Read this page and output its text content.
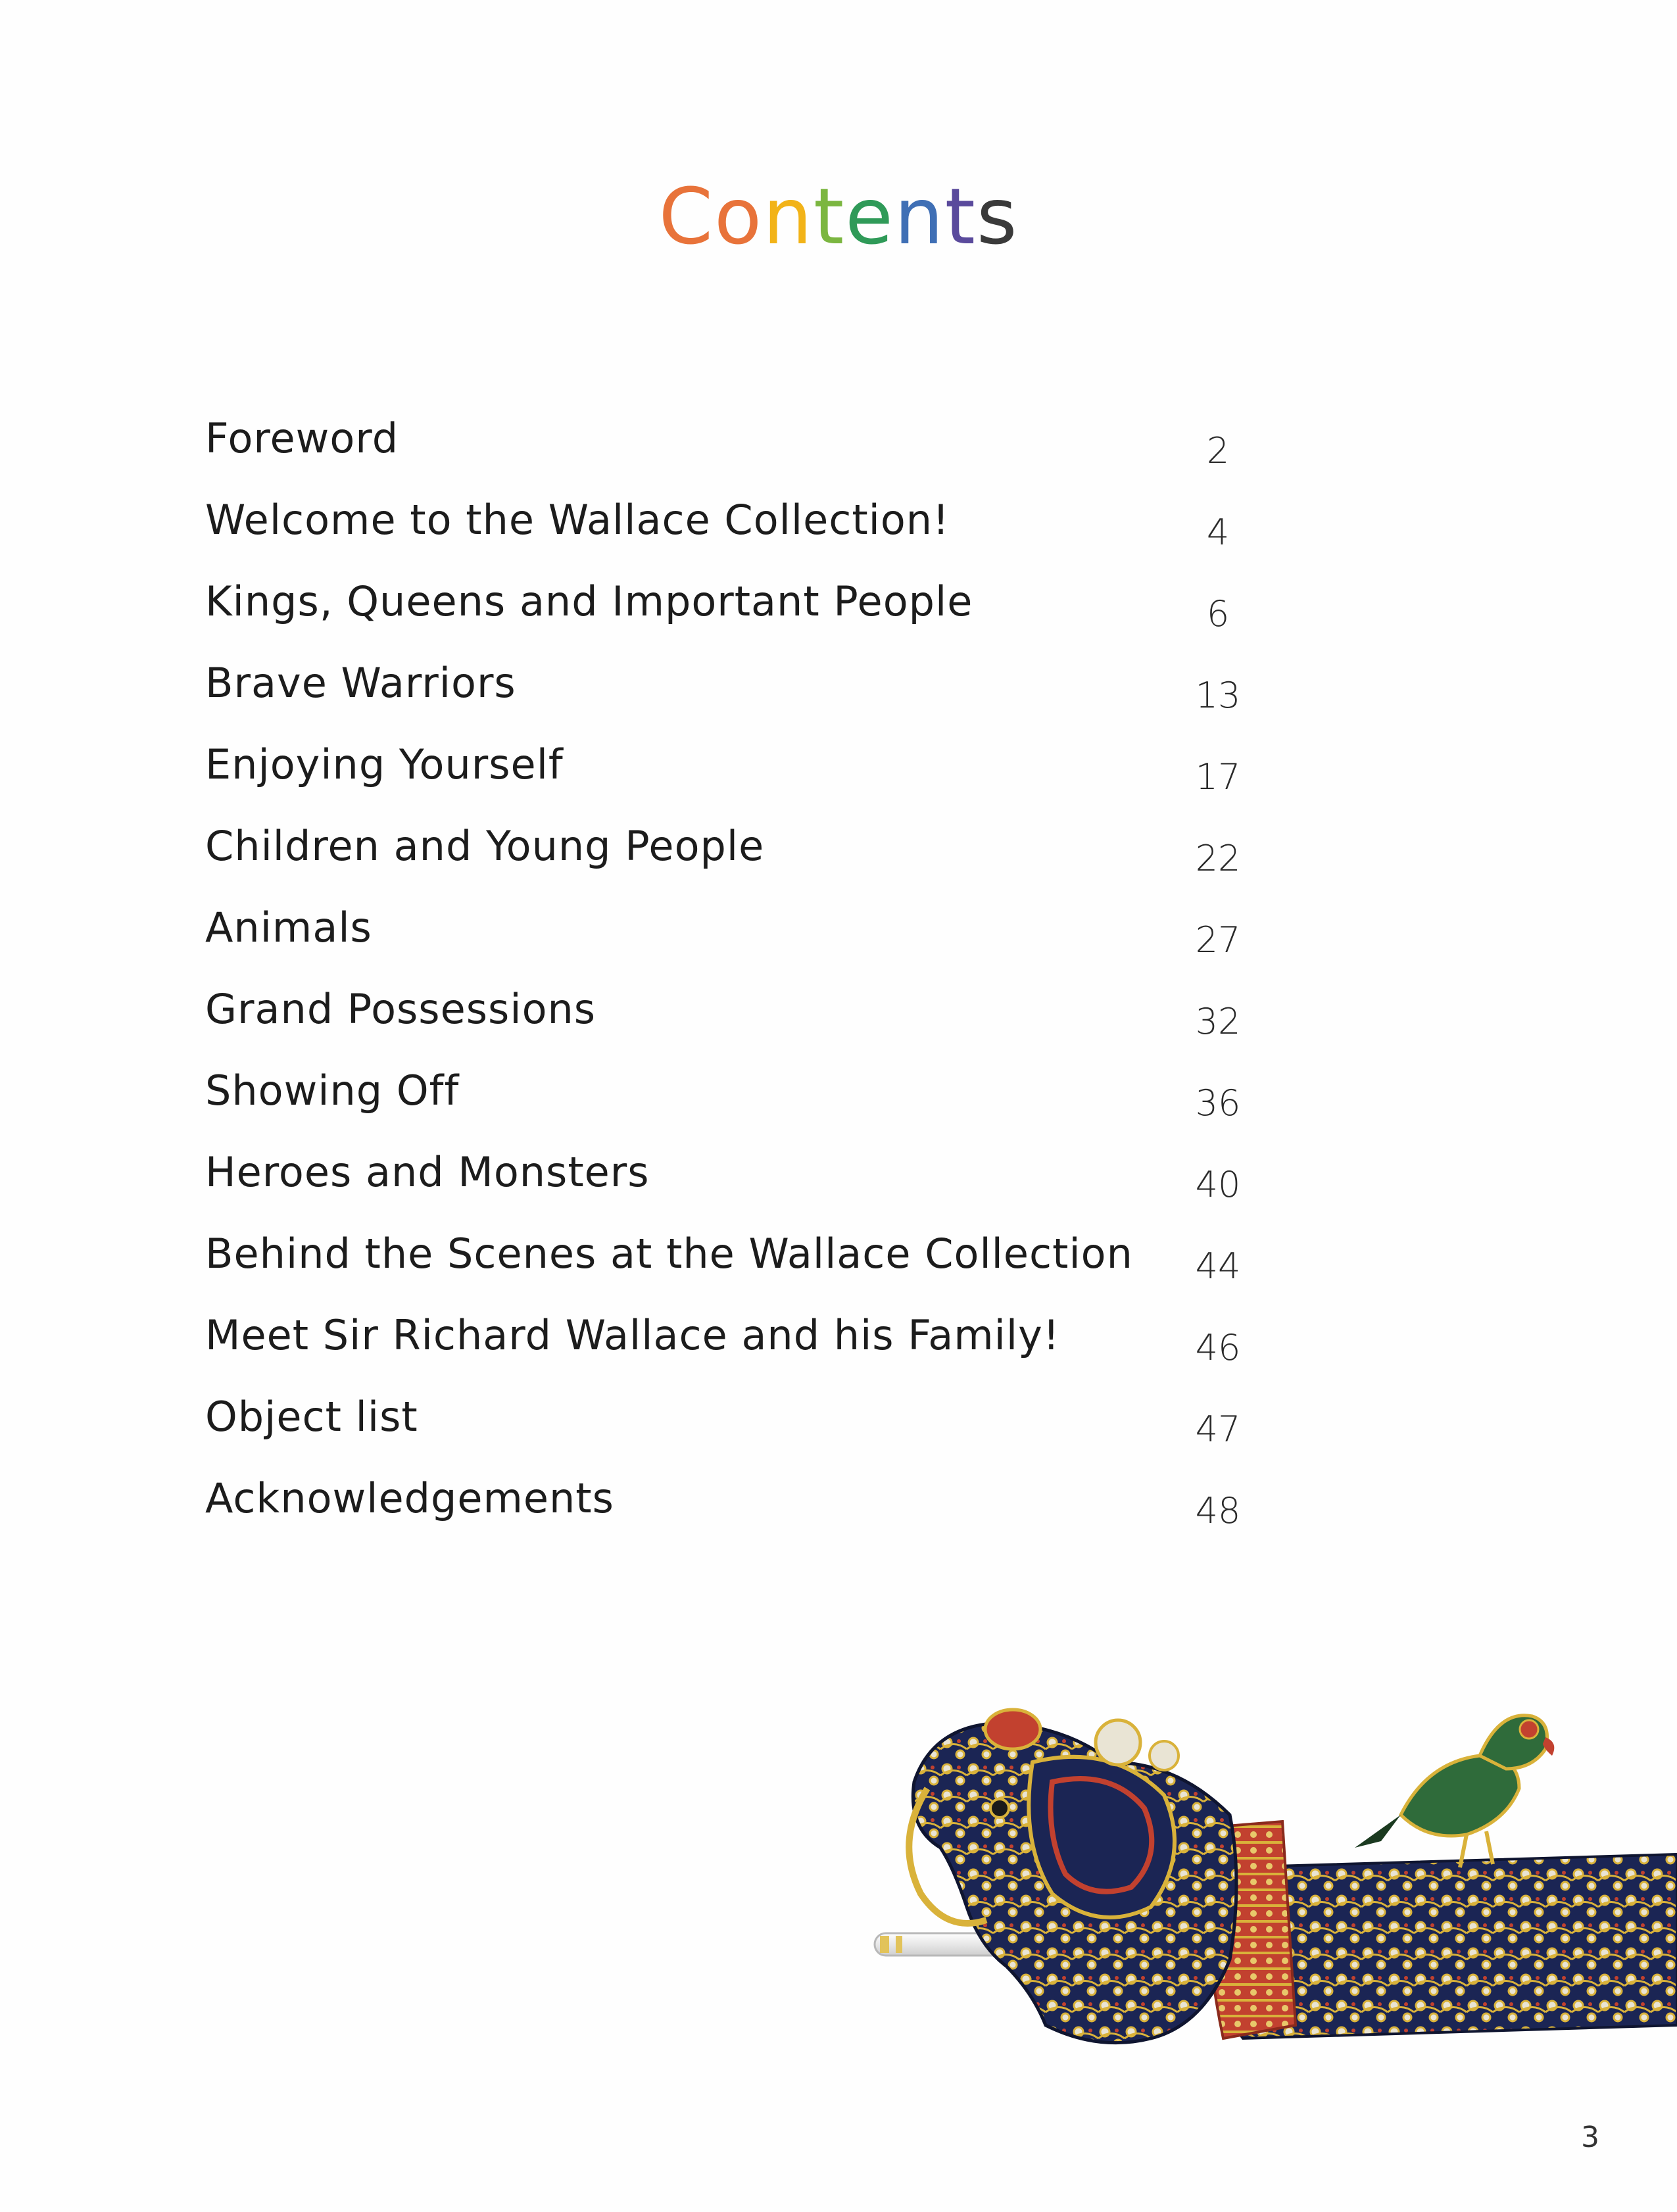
Contents
Foreword	2
Welcome to the Wallace Collection!	4
Kings, Queens and Important People	6
Brave Warriors	13
Enjoying Yourself	17
Children and Young People	22
Animals	27
Grand Possessions	32
Showing Off	36
Heroes and Monsters	40
Behind the Scenes at the Wallace Collection	44
Meet Sir Richard Wallace and his Family!	46
Object list	47
Acknowledgements	48
3
